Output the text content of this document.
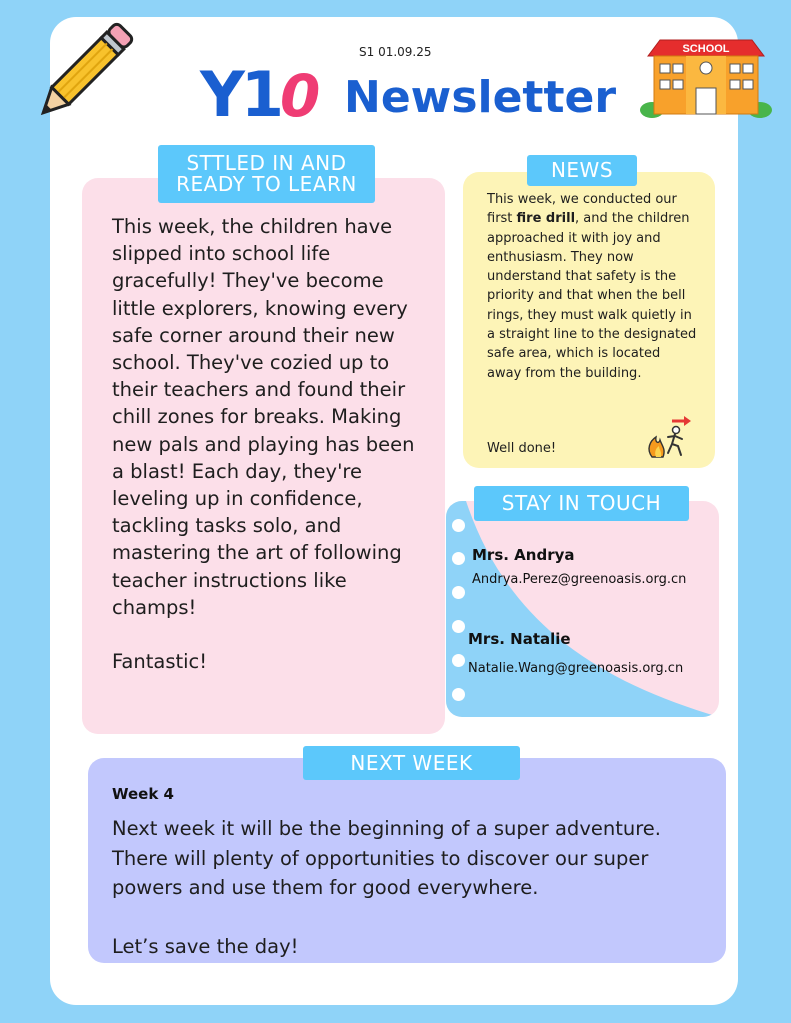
SCHOOL
S1 01.09.25
Y1 0 Newsletter
STTLED IN AND
READY TO LEARN
This week, the children have slipped into school life gracefully! They've become little explorers, knowing every safe corner around their new school. They've cozied up to their teachers and found their chill zones for breaks. Making new pals and playing has been a blast! Each day, they're leveling up in confidence, tackling tasks solo, and mastering the art of following teacher instructions like champs!

Fantastic!
NEWS
This week, we conducted our first fire drill, and the children approached it with joy and enthusiasm. They now understand that safety is the priority and that when the bell rings, they must walk quietly in a straight line to the designated safe area, which is located away from the building.
Well done!
STAY IN TOUCH
Mrs. Andrya
Andrya.Perez@greenoasis.org.cn
Mrs. Natalie
Natalie.Wang@greenoasis.org.cn
NEXT WEEK
Week 4
Next week it will be the beginning of a super adventure. There will plenty of opportunities to discover our super powers and use them for good everywhere.

Let’s save the day!
